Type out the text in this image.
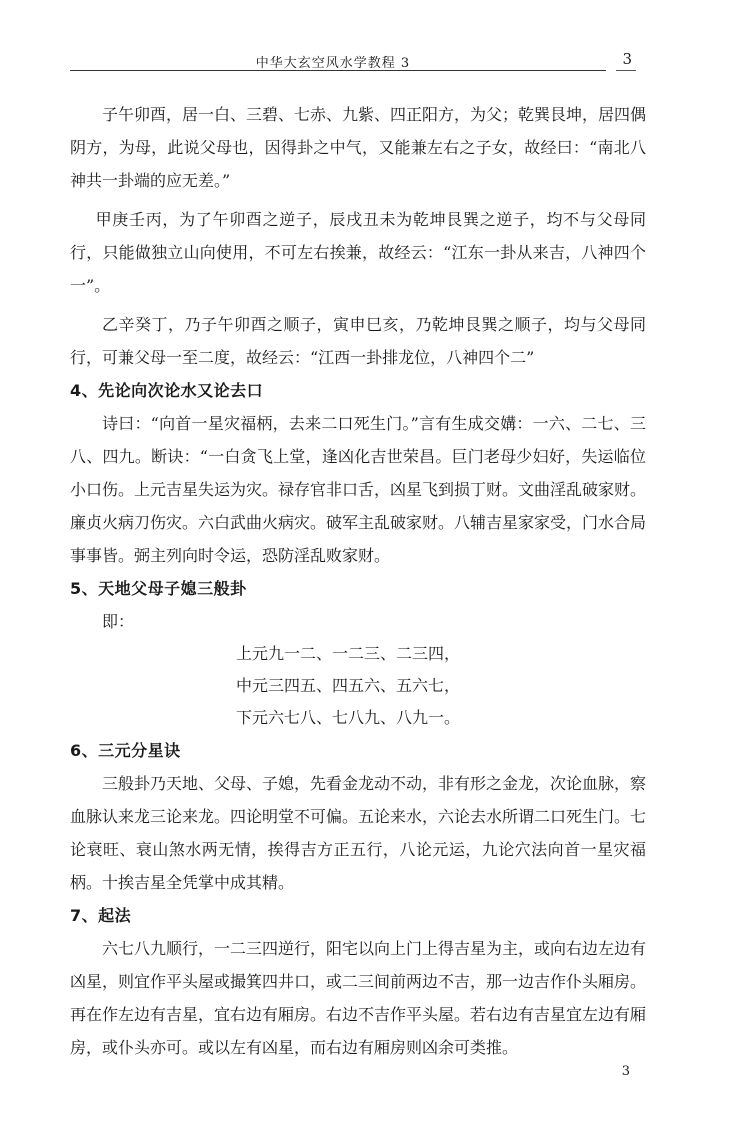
中华大玄空风水学教程 3	3

子午卯酉，居一白、三碧、七赤、九紫、四正阳方，为父；乾巽艮坤，居四偶阴方，为母，此说父母也，因得卦之中气，又能兼左右之子女，故经曰：“南北八神共一卦端的应无差。”

甲庚壬丙，为了午卯酉之逆子，辰戌丑未为乾坤艮巽之逆子，均不与父母同行，只能做独立山向使用，不可左右挨兼，故经云：“江东一卦从来吉，八神四个一”。

乙辛癸丁，乃子午卯酉之顺子，寅申巳亥，乃乾坤艮巽之顺子，均与父母同行，可兼父母一至二度，故经云：“江西一卦排龙位，八神四个二”

4、先论向次论水又论去口

诗曰：“向首一星灾福柄，去来二口死生门。”言有生成交媾：一六、二七、三八、四九。断诀：“一白贪飞上堂，逢凶化吉世荣昌。巨门老母少妇好，失运临位小口伤。上元吉星失运为灾。禄存官非口舌，凶星飞到损丁财。文曲淫乱破家财。廉贞火病刀伤灾。六白武曲火病灾。破军主乱破家财。八辅吉星家家受，门水合局事事皆。弼主列向时令运，恐防淫乱败家财。

5、天地父母子媳三般卦

即：

上元九一二、一二三、二三四，

中元三四五、四五六、五六七，

下元六七八、七八九、八九一。

6、三元分星诀

三般卦乃天地、父母、子媳，先看金龙动不动，非有形之金龙，次论血脉，察血脉认来龙三论来龙。四论明堂不可偏。五论来水，六论去水所谓二口死生门。七论衰旺、衰山煞水两无情，挨得吉方正五行，八论元运，九论穴法向首一星灾福柄。十挨吉星全凭掌中成其精。

7、起法

六七八九顺行，一二三四逆行，阳宅以向上门上得吉星为主，或向右边左边有凶星，则宜作平头屋或撮箕四井口，或二三间前两边不吉，那一边吉作仆头厢房。再在作左边有吉星，宜右边有厢房。右边不吉作平头屋。若右边有吉星宜左边有厢房，或仆头亦可。或以左有凶星，而右边有厢房则凶余可类推。

3
